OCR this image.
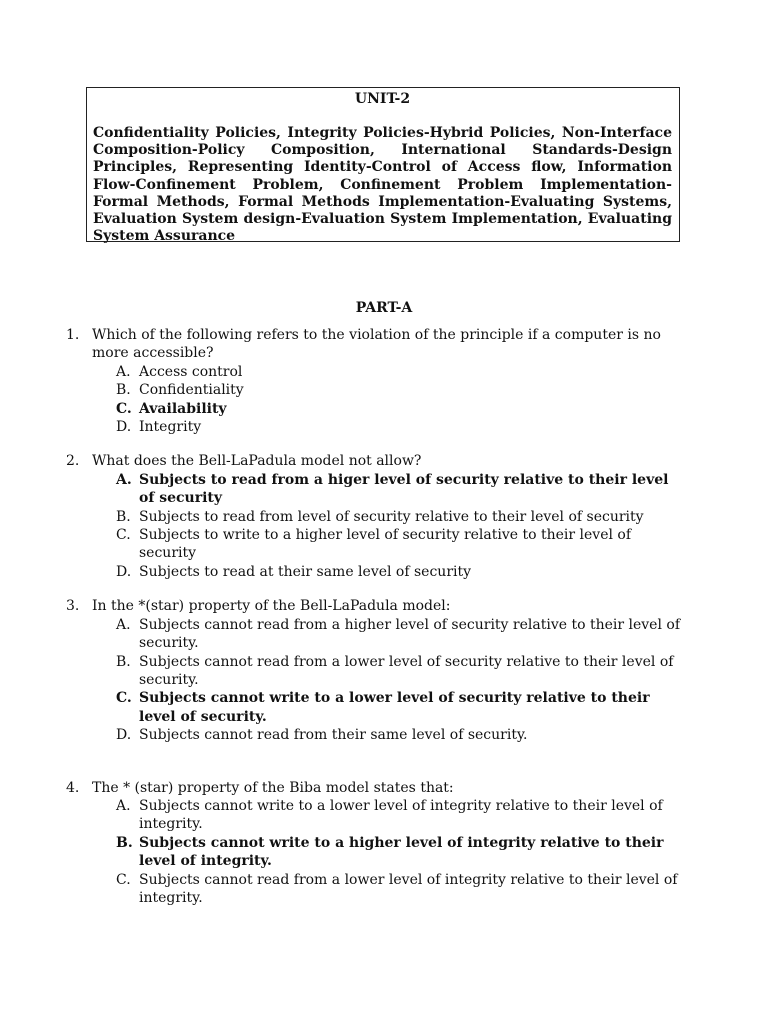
UNIT-2
Confidentiality Policies, Integrity Policies-Hybrid Policies, Non-Interface Composition-Policy Composition, International Standards-Design Principles, Representing Identity-Control of Access flow, Information Flow-Confinement Problem, Confinement Problem Implementation-Formal Methods, Formal Methods Implementation-Evaluating Systems, Evaluation System design-Evaluation System Implementation, Evaluating System Assurance
PART-A
1. Which of the following refers to the violation of the principle if a computer is no more accessible?
A. Access control
B. Confidentiality
C. Availability
D. Integrity
2. What does the Bell-LaPadula model not allow?
A. Subjects to read from a higer level of security relative to their level of security
B. Subjects to read from level of security relative to their level of security
C. Subjects to write to a higher level of security relative to their level of security
D. Subjects to read at their same level of security
3. In the *(star) property of the Bell-LaPadula model:
A. Subjects cannot read from a higher level of security relative to their level of security.
B. Subjects cannot read from a lower level of security relative to their level of security.
C. Subjects cannot write to a lower level of security relative to their level of security.
D. Subjects cannot read from their same level of security.
4. The * (star) property of the Biba model states that:
A. Subjects cannot write to a lower level of integrity relative to their level of integrity.
B. Subjects cannot write to a higher level of integrity relative to their level of integrity.
C. Subjects cannot read from a lower level of integrity relative to their level of integrity.
